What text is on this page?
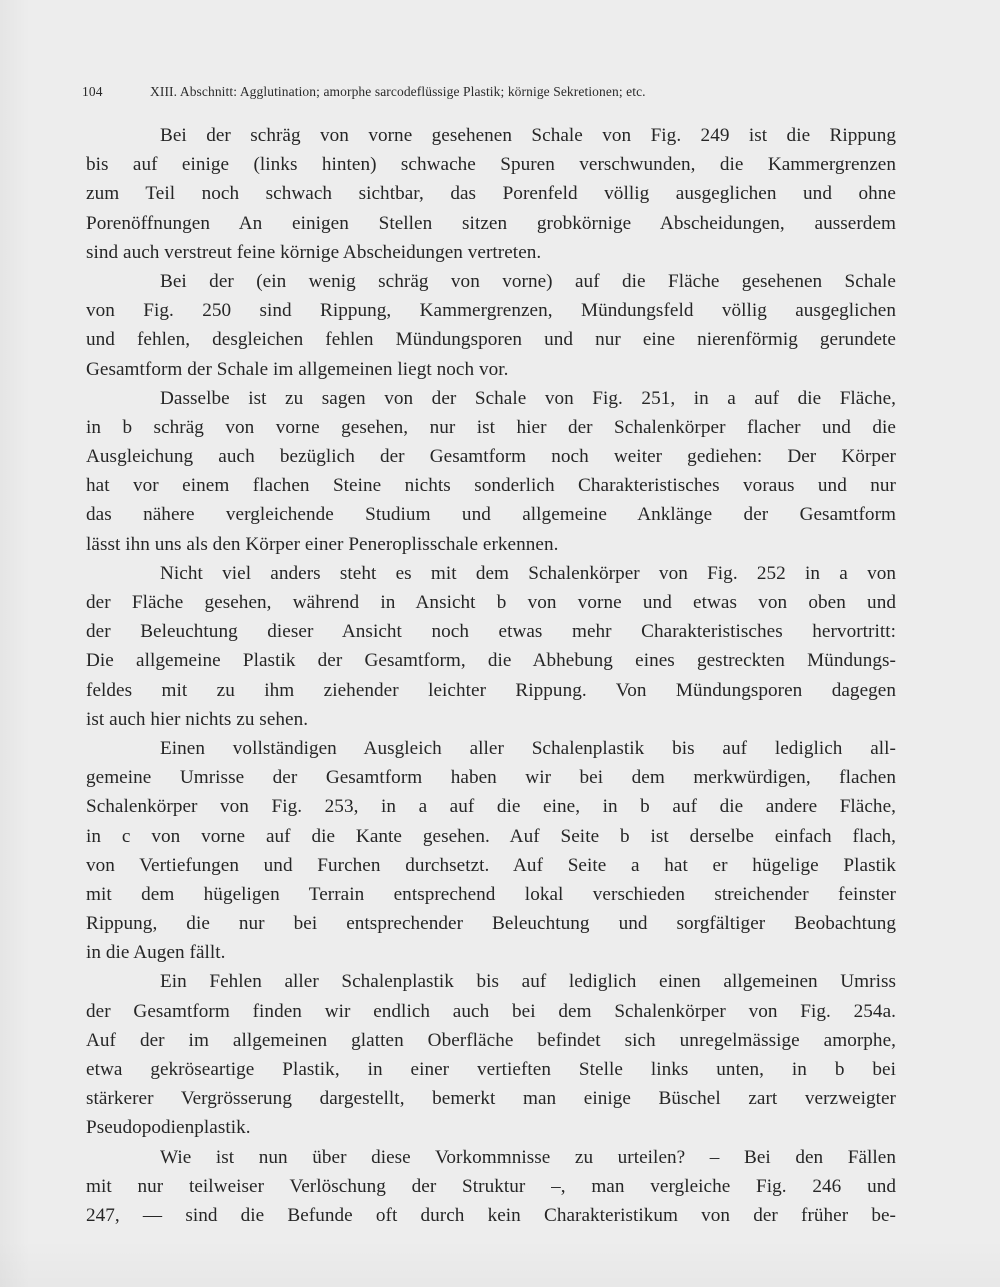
104	XIII. Abschnitt: Agglutination; amorphe sarcodeflüssige Plastik; körnige Sekretionen; etc.
Bei der schräg von vorne gesehenen Schale von Fig. 249 ist die Rippung
bis auf einige (links hinten) schwache Spuren verschwunden, die Kammergrenzen
zum Teil noch schwach sichtbar, das Porenfeld völlig ausgeglichen und ohne
Porenöffnungen An einigen Stellen sitzen grobkörnige Abscheidungen, ausserdem
sind auch verstreut feine körnige Abscheidungen vertreten.
Bei der (ein wenig schräg von vorne) auf die Fläche gesehenen Schale
von Fig. 250 sind Rippung, Kammergrenzen, Mündungsfeld völlig ausgeglichen
und fehlen, desgleichen fehlen Mündungsporen und nur eine nierenförmig gerundete
Gesamtform der Schale im allgemeinen liegt noch vor.
Dasselbe ist zu sagen von der Schale von Fig. 251, in a auf die Fläche,
in b schräg von vorne gesehen, nur ist hier der Schalenkörper flacher und die
Ausgleichung auch bezüglich der Gesamtform noch weiter gediehen: Der Körper
hat vor einem flachen Steine nichts sonderlich Charakteristisches voraus und nur
das nähere vergleichende Studium und allgemeine Anklänge der Gesamtform
lässt ihn uns als den Körper einer Peneroplisschale erkennen.
Nicht viel anders steht es mit dem Schalenkörper von Fig. 252 in a von
der Fläche gesehen, während in Ansicht b von vorne und etwas von oben und
der Beleuchtung dieser Ansicht noch etwas mehr Charakteristisches hervortritt:
Die allgemeine Plastik der Gesamtform, die Abhebung eines gestreckten Mündungs-
feldes mit zu ihm ziehender leichter Rippung. Von Mündungsporen dagegen
ist auch hier nichts zu sehen.
Einen vollständigen Ausgleich aller Schalenplastik bis auf lediglich all-
gemeine Umrisse der Gesamtform haben wir bei dem merkwürdigen, flachen
Schalenkörper von Fig. 253, in a auf die eine, in b auf die andere Fläche,
in c von vorne auf die Kante gesehen. Auf Seite b ist derselbe einfach flach,
von Vertiefungen und Furchen durchsetzt. Auf Seite a hat er hügelige Plastik
mit dem hügeligen Terrain entsprechend lokal verschieden streichender feinster
Rippung, die nur bei entsprechender Beleuchtung und sorgfältiger Beobachtung
in die Augen fällt.
Ein Fehlen aller Schalenplastik bis auf lediglich einen allgemeinen Umriss
der Gesamtform finden wir endlich auch bei dem Schalenkörper von Fig. 254a.
Auf der im allgemeinen glatten Oberfläche befindet sich unregelmässige amorphe,
etwa gekröseartige Plastik, in einer vertieften Stelle links unten, in b bei
stärkerer Vergrösserung dargestellt, bemerkt man einige Büschel zart verzweigter
Pseudopodienplastik.
Wie ist nun über diese Vorkommnisse zu urteilen? – Bei den Fällen
mit nur teilweiser Verlöschung der Struktur –, man vergleiche Fig. 246 und
247, — sind die Befunde oft durch kein Charakteristikum von der früher be-
